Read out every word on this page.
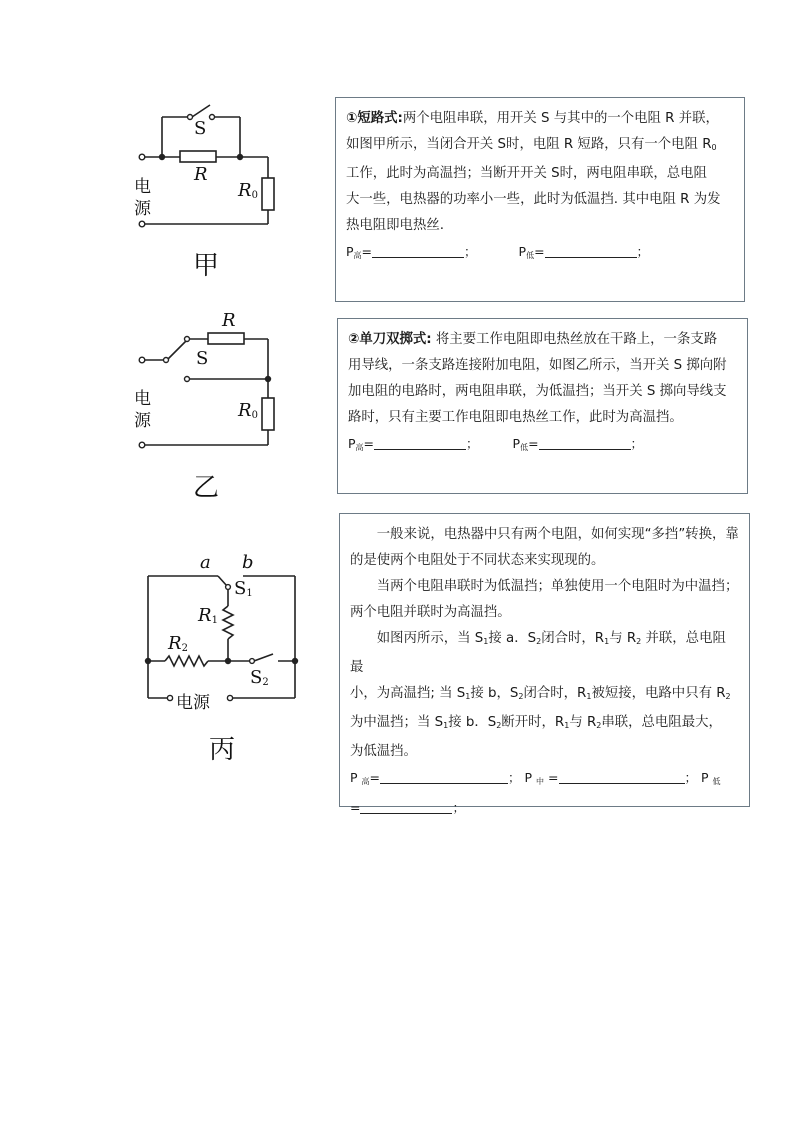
S
R
$R_0$
电
源
甲

①短路式:两个电阻串联，用开关 S 与其中的一个电阻 R 并联，

如图甲所示，当闭合开关 S时，电阻 R 短路，只有一个电阻 $R_0$

工作，此时为高温挡；当断开开关 S时，两电阻串联，总电阻

大一些，电热器的功率小一些，此时为低温挡. 其中电阻 R 为发

热电阻即电热丝.

$P_高=$	；	$P_低=$	；

R
S
$R_0$
电
源
乙

②单刀双掷式: 将主要工作电阻即电热丝放在干路上，一条支路

用导线，一条支路连接附加电阻，如图乙所示，当开关 S 掷向附

加电阻的电路时，两电阻串联，为低温挡；当开关 S 掷向导线支

路时，只有主要工作电阻即电热丝工作，此时为高温挡。

$P_高=$	；	$P_低=$	；

a b
$S_1$
$R_1$
$R_2$
$S_2$
电源
丙

一般来说，电热器中只有两个电阻，如何实现“多挡”转换，靠

的是使两个电阻处于不同状态来实现现的。

当两个电阻串联时为低温挡；单独使用一个电阻时为中温挡；

两个电阻并联时为高温挡。

如图丙所示，当 $S_1$接 a．$S_2$闭合时，$R_1$与 $R_2$ 并联，总电阻最

小，为高温挡; 当 $S_1$接 b，$S_2$闭合时，$R_1$被短接，电路中只有 $R_2$

为中温挡；当 $S_1$接 b．$S_2$断开时，$R_1$与 $R_2$串联，总电阻最大，

为低温挡。

P $_高$=	； P $_中$ =	； P $_低$

=	；
